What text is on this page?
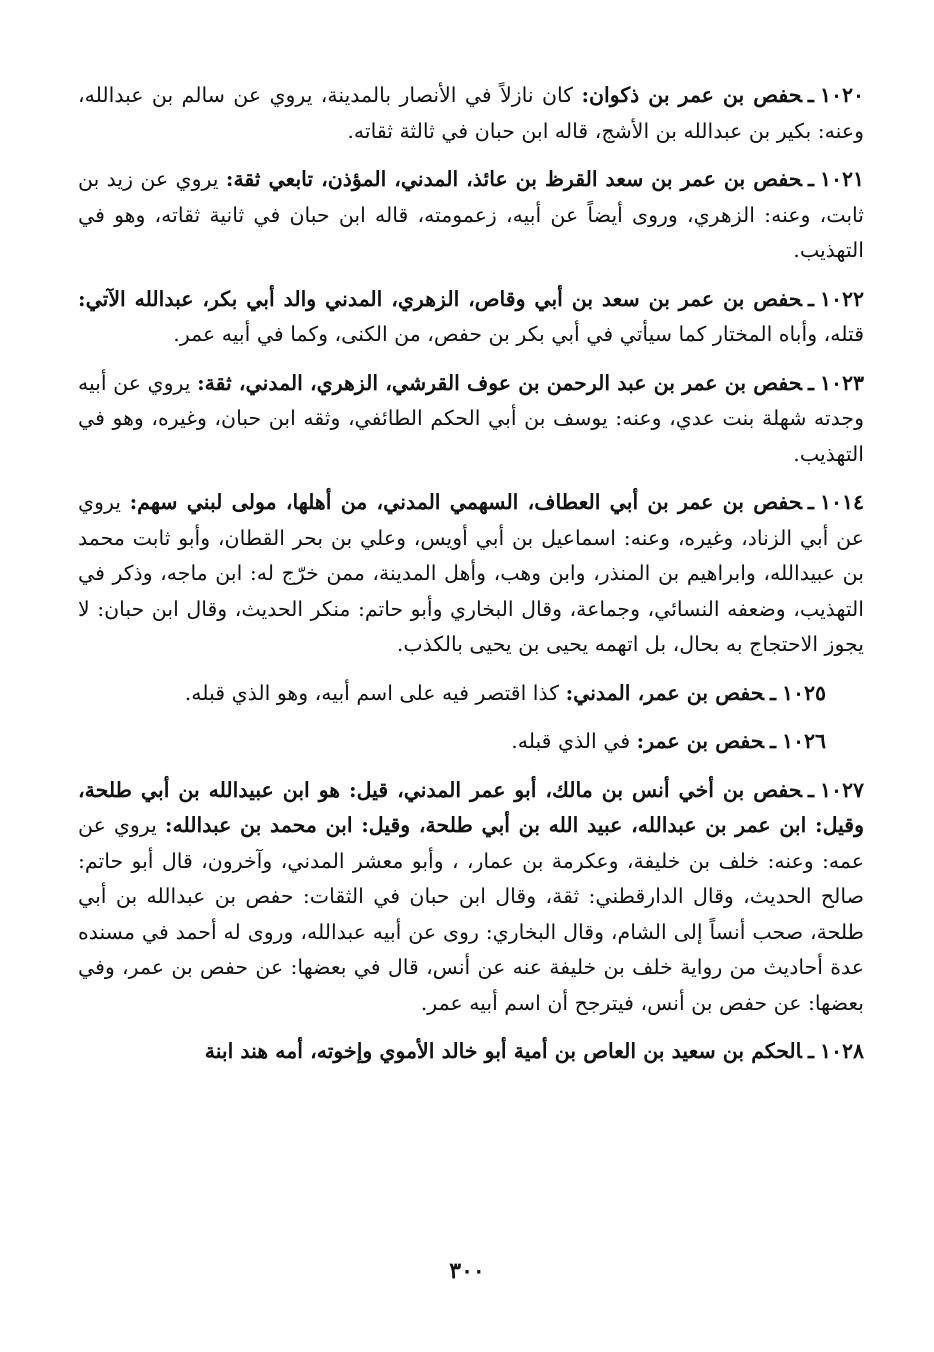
١٠٢٠ـحفص بن عمر بن ذكوان: كان نازلاً في الأنصار بالمدينة، يروي عن سالم بن عبدالله، وعنه: بكير بن عبدالله بن الأشج، قاله ابن حبان في ثالثة ثقاته.

١٠٢١ـحفص بن عمر بن سعد القرظ بن عائذ، المدني، المؤذن، تابعي ثقة: يروي عن زيد بن ثابت، وعنه: الزهري، وروى أيضاً عن أبيه، زعمومته، قاله ابن حبان في ثانية ثقاته، وهو في التهذيب.

١٠٢٢ـحفص بن عمر بن سعد بن أبي وقاص، الزهري، المدني والد أبي بكر، عبدالله الآتي: قتله، وأباه المختار كما سيأتي في أبي بكر بن حفص، من الكنى، وكما في أبيه عمر.

١٠٢٣ـحفص بن عمر بن عبد الرحمن بن عوف القرشي، الزهري، المدني، ثقة: يروي عن أبيه وجدته شهلة بنت عدي، وعنه: يوسف بن أبي الحكم الطائفي، وثقه ابن حبان، وغيره، وهو في التهذيب.

١٠١٤ـحفص بن عمر بن أبي العطاف، السهمي المدني، من أهلها، مولى لبني سهم: يروي عن أبي الزناد، وغيره، وعنه: اسماعيل بن أبي أويس، وعلي بن بحر القطان، وأبو ثابت محمد بن عبيدالله، وابراهيم بن المنذر، وابن وهب، وأهل المدينة، ممن خرّج له: ابن ماجه، وذكر في التهذيب، وضعفه النسائي، وجماعة، وقال البخاري وأبو حاتم: منكر الحديث، وقال ابن حبان: لا يجوز الاحتجاج به بحال، بل اتهمه يحيى بن يحيى بالكذب.

١٠٢٥ـحفص بن عمر، المدني: كذا اقتصر فيه على اسم أبيه، وهو الذي قبله.

١٠٢٦ـحفص بن عمر: في الذي قبله.

١٠٢٧ـحفص بن أخي أنس بن مالك، أبو عمر المدني، قيل: هو ابن عبيدالله بن أبي طلحة، وقيل: ابن عمر بن عبدالله، عبيد الله بن أبي طلحة، وقيل: ابن محمد بن عبدالله: يروي عن عمه: وعنه: خلف بن خليفة، وعكرمة بن عمار، ، وأبو معشر المدني، وآخرون، قال أبو حاتم: صالح الحديث، وقال الدارقطني: ثقة، وقال ابن حبان في الثقات: حفص بن عبدالله بن أبي طلحة، صحب أنساً إلى الشام، وقال البخاري: روى عن أبيه عبدالله، وروى له أحمد في مسنده عدة أحاديث من رواية خلف بن خليفة عنه عن أنس، قال في بعضها: عن حفص بن عمر، وفي بعضها: عن حفص بن أنس، فيترجح أن اسم أبيه عمر.

١٠٢٨ـالحكم بن سعيد بن العاص بن أمية أبو خالد الأموي وإخوته، أمه هند ابنة

٣٠٠
